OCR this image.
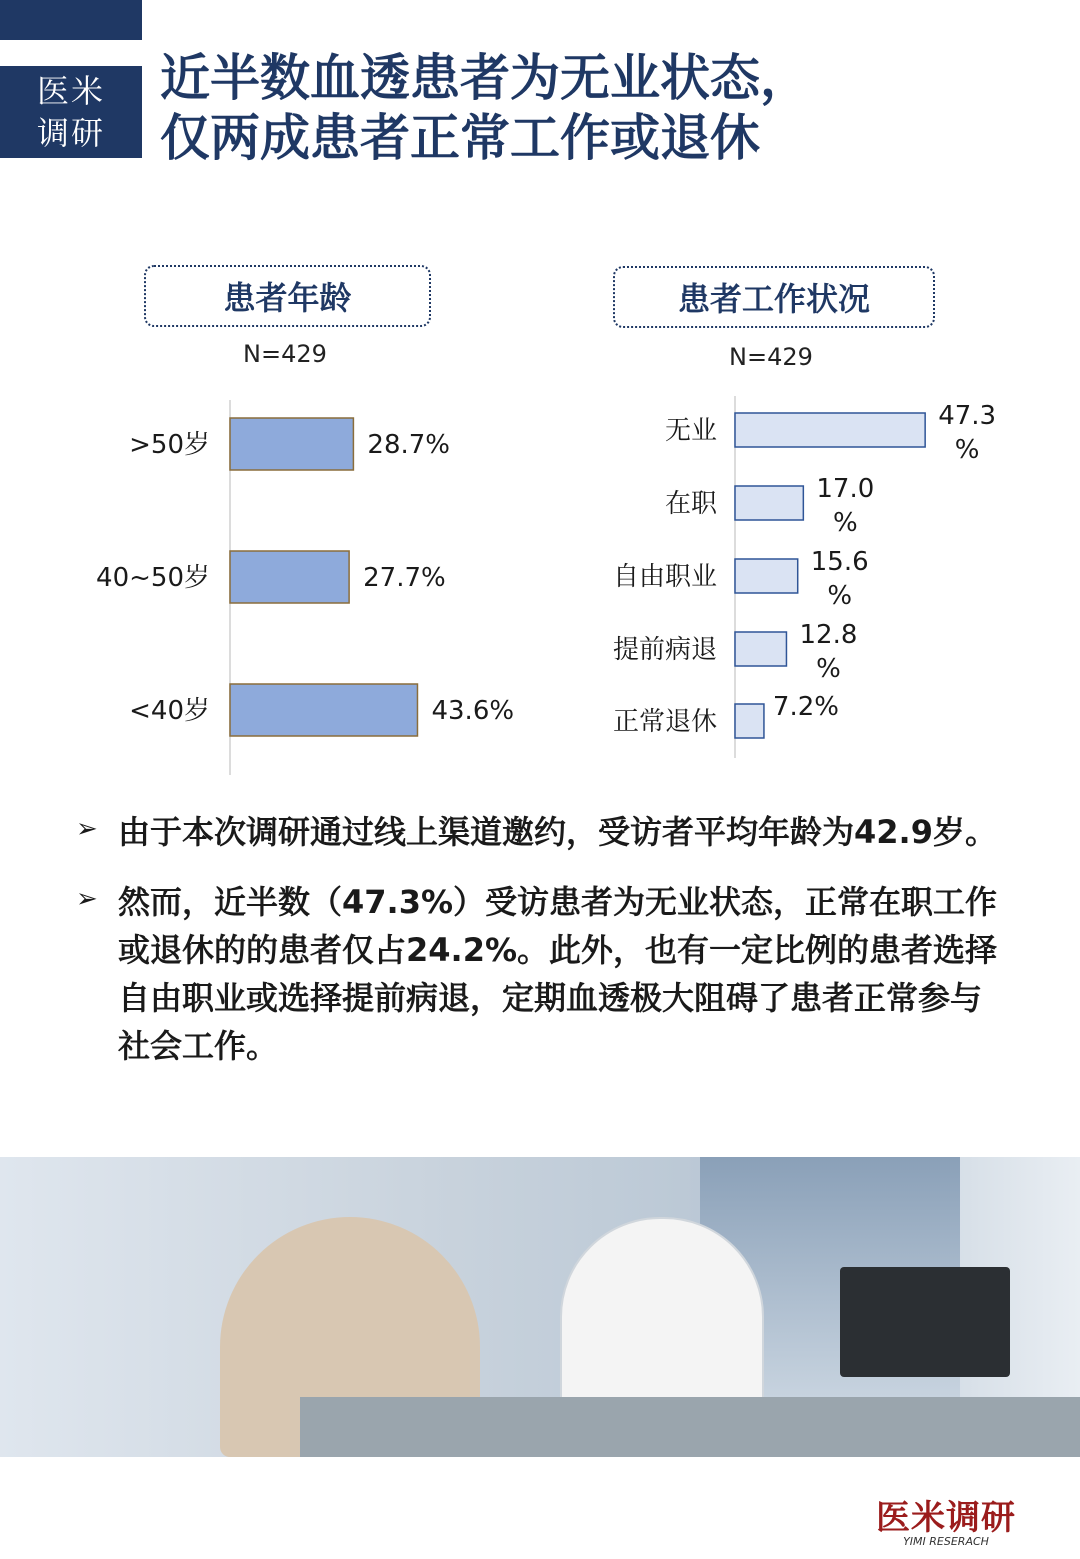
医米
调研
近半数血透患者为无业状态，
仅两成患者正常工作或退休
患者年龄
N=429
患者工作状况
N=429
>50岁	28.7%
40~50岁	27.7%
<40岁	43.6%
无业	47.3
%
在职	17.0
%
自由职业	15.6
%
提前病退	12.8
%
正常退休 7.2%
➢ 由于本次调研通过线上渠道邀约，受访者平均年龄为42.9岁。
➢ 然而，近半数（47.3%）受访患者为无业状态，正常在职工作或退休的的患者仅占24.2%。此外，也有一定比例的患者选择自由职业或选择提前病退，定期血透极大阻碍了患者正常参与社会工作。
医米调研
YIMI RESERACH
